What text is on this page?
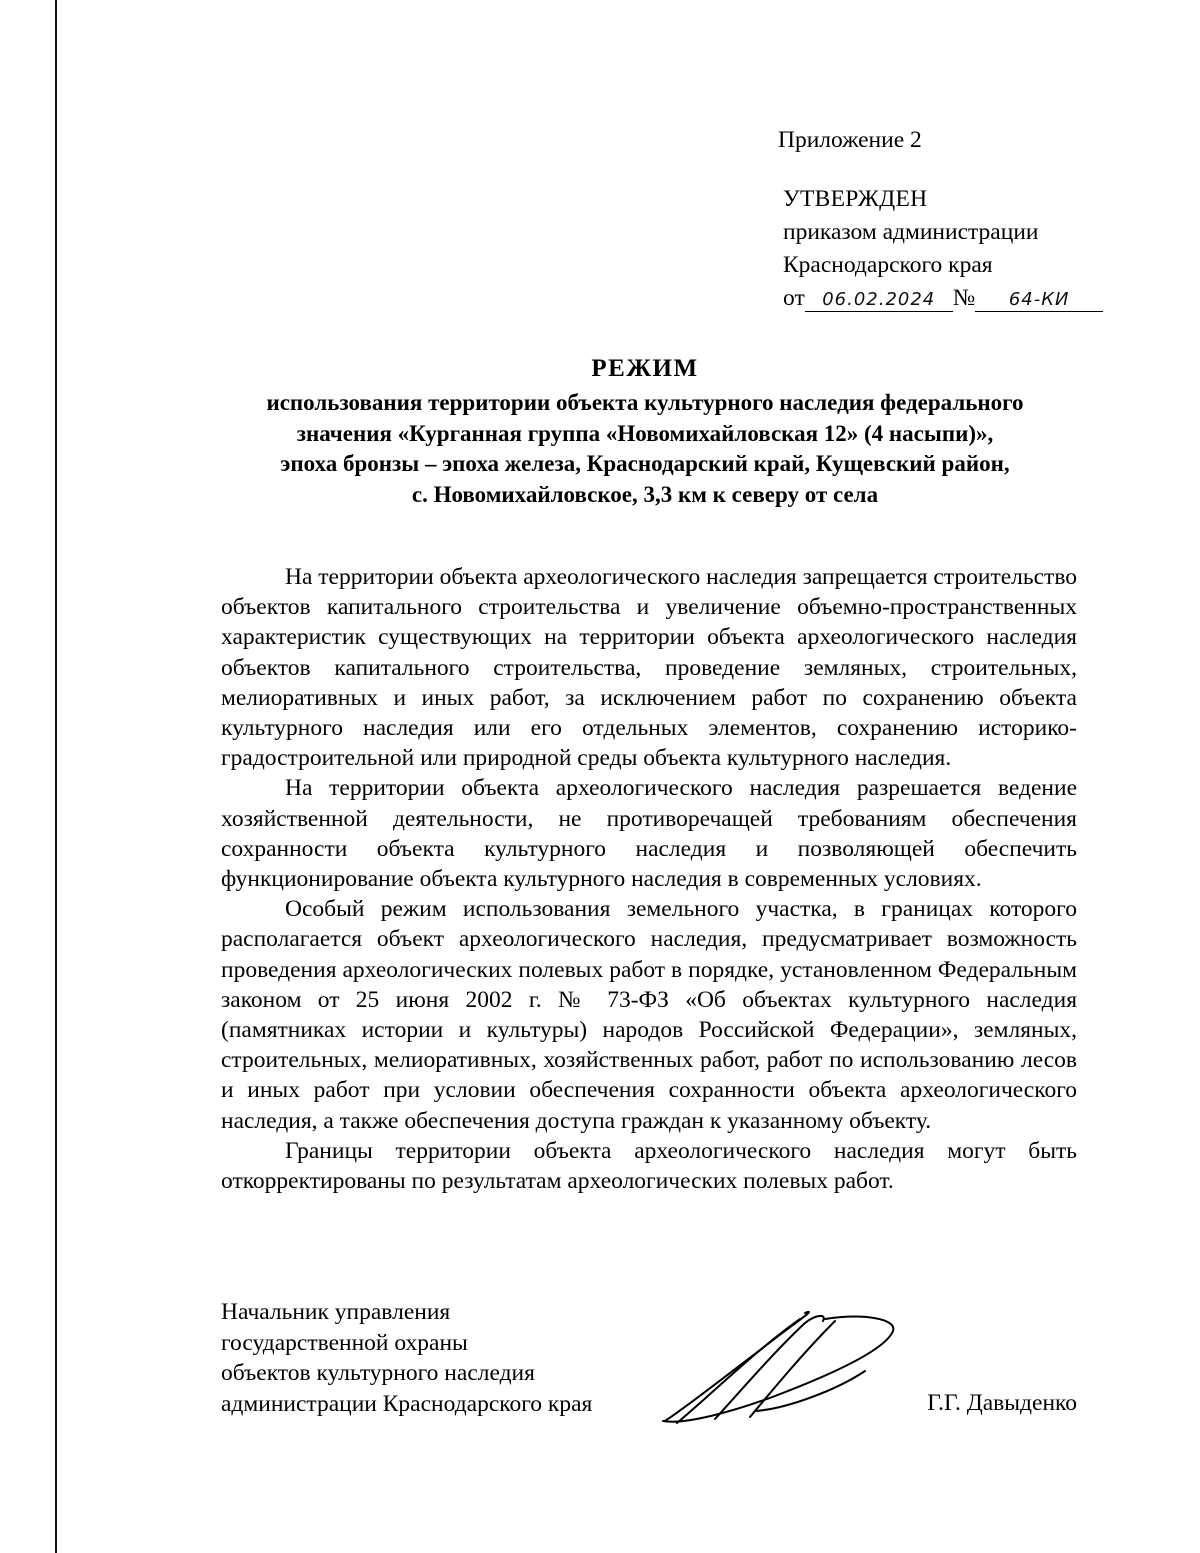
Приложение 2
УТВЕРЖДЕН
приказом администрации
Краснодарского края
от 06.02.2024 № 64-КИ
РЕЖИМ
использования территории объекта культурного наследия федерального
значения «Курганная группа «Новомихайловская 12» (4 насыпи)»,
эпоха бронзы – эпоха железа, Краснодарский край, Кущевский район,
с. Новомихайловское, 3,3 км к северу от села

На территории объекта археологического наследия запрещается строительство объектов капитального строительства и увеличение объемно-пространственных характеристик существующих на территории объекта археологического наследия объектов капитального строительства, проведение земляных, строительных, мелиоративных и иных работ, за исключением работ по сохранению объекта культурного наследия или его отдельных элементов, сохранению историко-градостроительной или природной среды объекта культурного наследия.

На территории объекта археологического наследия разрешается ведение хозяйственной деятельности, не противоречащей требованиям обеспечения сохранности объекта культурного наследия и позволяющей обеспечить функционирование объекта культурного наследия в современных условиях.

Особый режим использования земельного участка, в границах которого располагается объект археологического наследия, предусматривает возможность проведения археологических полевых работ в порядке, установленном Федеральным законом от 25 июня 2002 г. № 73-ФЗ «Об объектах культурного наследия (памятниках истории и культуры) народов Российской Федерации», земляных, строительных, мелиоративных, хозяйственных работ, работ по использованию лесов и иных работ при условии обеспечения сохранности объекта археологического наследия, а также обеспечения доступа граждан к указанному объекту.

Границы территории объекта археологического наследия могут быть откорректированы по результатам археологических полевых работ.

Начальник управления
государственной охраны
объектов культурного наследия
администрации Краснодарского края	Г.Г. Давыденко
